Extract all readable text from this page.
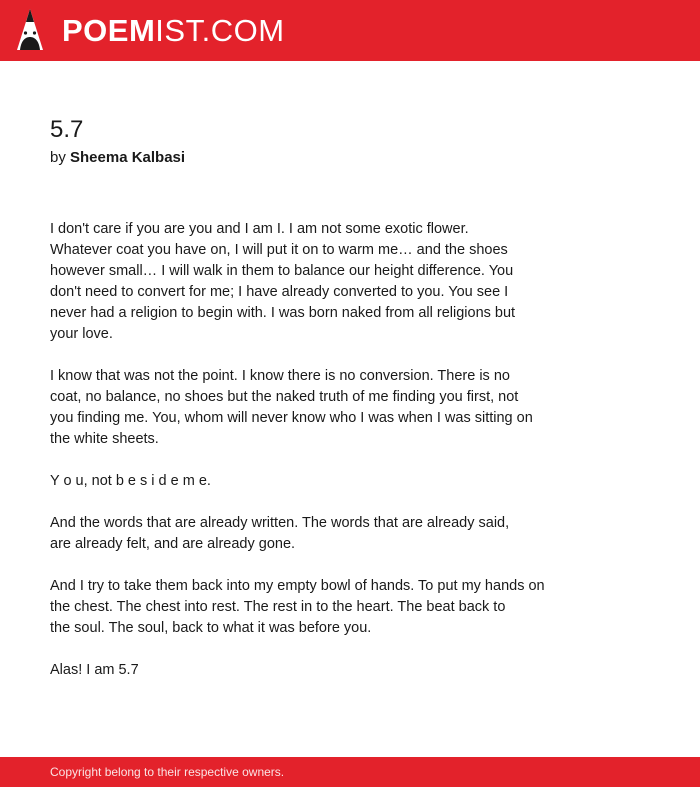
POEMIST.COM
5.7
by Sheema Kalbasi

I don't care if you are you and I am I. I am not some exotic flower.
Whatever coat you have on, I will put it on to warm me… and the shoes
however small… I will walk in them to balance our height difference. You
don't need to convert for me; I have already converted to you. You see I
never had a religion to begin with. I was born naked from all religions but
your love.

I know that was not the point. I know there is no conversion. There is no
coat, no balance, no shoes but the naked truth of me finding you first, not
you finding me. You, whom will never know who I was when I was sitting on
the white sheets.

Y o u, not b e s i d e m e.

And the words that are already written. The words that are already said,
are already felt, and are already gone.

And I try to take them back into my empty bowl of hands. To put my hands on
the chest. The chest into rest. The rest in to the heart. The beat back to
the soul. The soul, back to what it was before you.

Alas! I am 5.7

Copyright belong to their respective owners.
